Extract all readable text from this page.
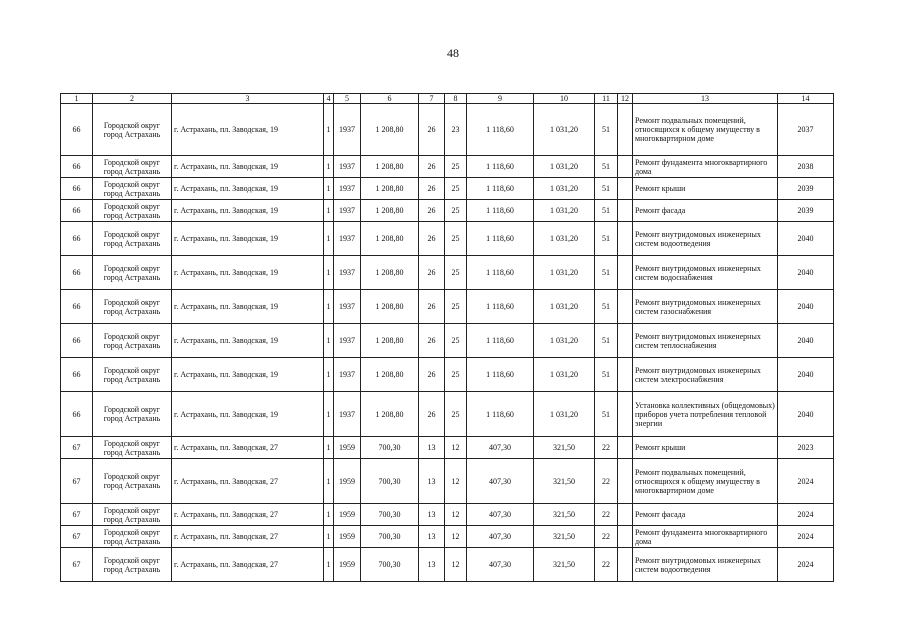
48
1	2	3	4	5	6	7	8	9	10	11	12	13	14
66	Городской округ город Астрахань	г. Астрахань, пл. Заводская, 19	1	1937	1 208,80	26	23	1 118,60	1 031,20	51		Ремонт подвальных помещений, относящихся к общему имуществу в многоквартирном доме	2037
66	Городской округ город Астрахань	г. Астрахань, пл. Заводская, 19	1	1937	1 208,80	26	25	1 118,60	1 031,20	51		Ремонт фундамента многоквартирного дома	2038
66	Городской округ город Астрахань	г. Астрахань, пл. Заводская, 19	1	1937	1 208,80	26	25	1 118,60	1 031,20	51		Ремонт крыши	2039
66	Городской округ город Астрахань	г. Астрахань, пл. Заводская, 19	1	1937	1 208,80	26	25	1 118,60	1 031,20	51		Ремонт фасада	2039
66	Городской округ город Астрахань	г. Астрахань, пл. Заводская, 19	1	1937	1 208,80	26	25	1 118,60	1 031,20	51		Ремонт внутридомовых инженерных систем водоотведения	2040
66	Городской округ город Астрахань	г. Астрахань, пл. Заводская, 19	1	1937	1 208,80	26	25	1 118,60	1 031,20	51		Ремонт внутридомовых инженерных систем водоснабжения	2040
66	Городской округ город Астрахань	г. Астрахань, пл. Заводская, 19	1	1937	1 208,80	26	25	1 118,60	1 031,20	51		Ремонт внутридомовых инженерных систем газоснабжения	2040
66	Городской округ город Астрахань	г. Астрахань, пл. Заводская, 19	1	1937	1 208,80	26	25	1 118,60	1 031,20	51		Ремонт внутридомовых инженерных систем теплоснабжения	2040
66	Городской округ город Астрахань	г. Астрахань, пл. Заводская, 19	1	1937	1 208,80	26	25	1 118,60	1 031,20	51		Ремонт внутридомовых инженерных систем электроснабжения	2040
66	Городской округ город Астрахань	г. Астрахань, пл. Заводская, 19	1	1937	1 208,80	26	25	1 118,60	1 031,20	51		Установка коллективных (общедомовых) приборов учета потребления тепловой энергии	2040
67	Городской округ город Астрахань	г. Астрахань, пл. Заводская, 27	1	1959	700,30	13	12	407,30	321,50	22		Ремонт крыши	2023
67	Городской округ город Астрахань	г. Астрахань, пл. Заводская, 27	1	1959	700,30	13	12	407,30	321,50	22		Ремонт подвальных помещений, относящихся к общему имуществу в многоквартирном доме	2024
67	Городской округ город Астрахань	г. Астрахань, пл. Заводская, 27	1	1959	700,30	13	12	407,30	321,50	22		Ремонт фасада	2024
67	Городской округ город Астрахань	г. Астрахань, пл. Заводская, 27	1	1959	700,30	13	12	407,30	321,50	22		Ремонт фундамента многоквартирного дома	2024
67	Городской округ город Астрахань	г. Астрахань, пл. Заводская, 27	1	1959	700,30	13	12	407,30	321,50	22		Ремонт внутридомовых инженерных систем водоотведения	2024
